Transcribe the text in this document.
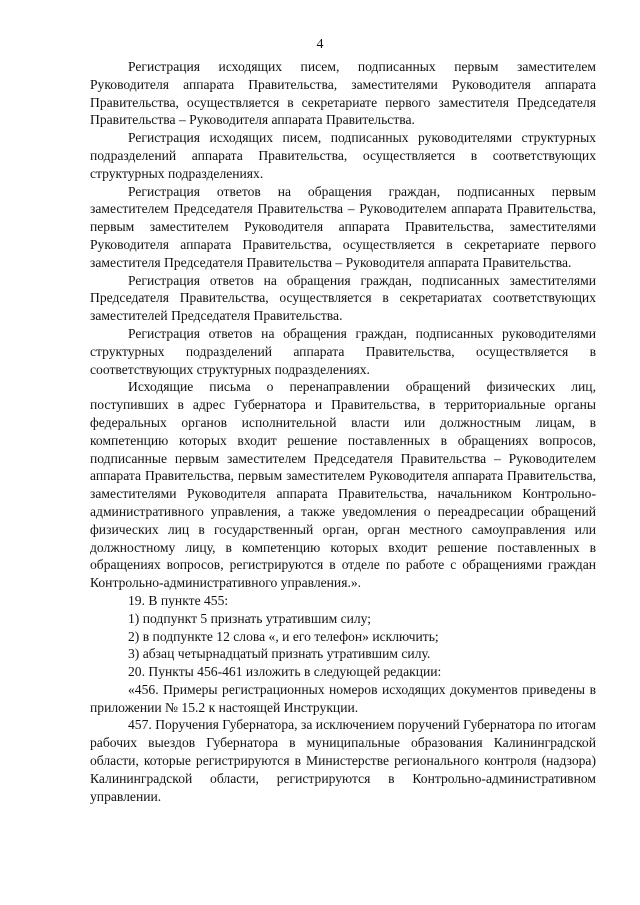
4

Регистрация исходящих писем, подписанных первым заместителем Руководителя аппарата Правительства, заместителями Руководителя аппарата Правительства, осуществляется в секретариате первого заместителя Председателя Правительства – Руководителя аппарата Правительства.

Регистрация исходящих писем, подписанных руководителями структурных подразделений аппарата Правительства, осуществляется в соответствующих структурных подразделениях.

Регистрация ответов на обращения граждан, подписанных первым заместителем Председателя Правительства – Руководителем аппарата Правительства, первым заместителем Руководителя аппарата Правительства, заместителями Руководителя аппарата Правительства, осуществляется в секретариате первого заместителя Председателя Правительства – Руководителя аппарата Правительства.

Регистрация ответов на обращения граждан, подписанных заместителями Председателя Правительства, осуществляется в секретариатах соответствующих заместителей Председателя Правительства.

Регистрация ответов на обращения граждан, подписанных руководителями структурных подразделений аппарата Правительства, осуществляется в соответствующих структурных подразделениях.

Исходящие письма о перенаправлении обращений физических лиц, поступивших в адрес Губернатора и Правительства, в территориальные органы федеральных органов исполнительной власти или должностным лицам, в компетенцию которых входит решение поставленных в обращениях вопросов, подписанные первым заместителем Председателя Правительства – Руководителем аппарата Правительства, первым заместителем Руководителя аппарата Правительства, заместителями Руководителя аппарата Правительства, начальником Контрольно-административного управления, а также уведомления о переадресации обращений физических лиц в государственный орган, орган местного самоуправления или должностному лицу, в компетенцию которых входит решение поставленных в обращениях вопросов, регистрируются в отделе по работе с обращениями граждан Контрольно-административного управления.».

19. В пункте 455:

1) подпункт 5 признать утратившим силу;

2) в подпункте 12 слова «, и его телефон» исключить;

3) абзац четырнадцатый признать утратившим силу.

20. Пункты 456-461 изложить в следующей редакции:

«456. Примеры регистрационных номеров исходящих документов приведены в приложении № 15.2 к настоящей Инструкции.

457. Поручения Губернатора, за исключением поручений Губернатора по итогам рабочих выездов Губернатора в муниципальные образования Калининградской области, которые регистрируются в Министерстве регионального контроля (надзора) Калининградской области, регистрируются в Контрольно-административном управлении.
